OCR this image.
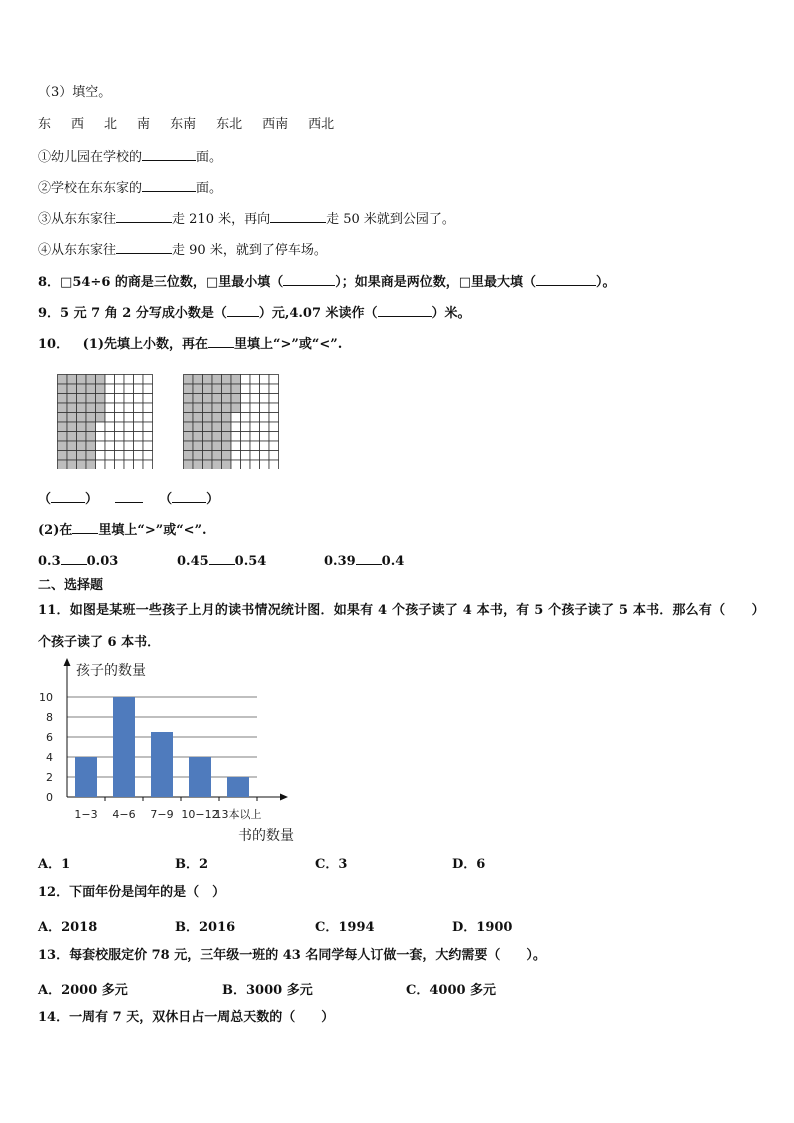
（3）填空。
东 西 北 南 东南 东北 西南 西北
①幼儿园在学校的	面。
②学校在东东家的	面。
③从东东家往	走 210 米，再向	走 50 米就到公园了。
④从东东家往	走 90 米，就到了停车场。
8．□54÷6 的商是三位数，□里最小填（	）；如果商是两位数，□里最大填（	）。
9．5 元 7 角 2 分写成小数是（ ）元,4.07 米读作（	）米。
10． (1)先填上小数，再在 里填上“>”或“<”.
（	）	（	）
(2)在 里填上“>”或“<”.
0.3 0.03	0.45 0.54	0.39 0.4
二、选择题
11．如图是某班一些孩子上月的读书情况统计图．如果有 4 个孩子读了 4 本书，有 5 个孩子读了 5 本书．那么有（　　）
个孩子读了 6 本书．
孩子的数量
0
2
4
6
8
10
1−3 4−6 7−9 10−12
13本以上
书的数量
A．1	B．2	C．3	D．6
12．下面年份是闰年的是（　）
A．2018	B．2016	C．1994	D．1900
13．每套校服定价 78 元，三年级一班的 43 名同学每人订做一套，大约需要（　　）。
A．2000 多元	B．3000 多元	C．4000 多元
14．一周有 7 天，双休日占一周总天数的（　　）
